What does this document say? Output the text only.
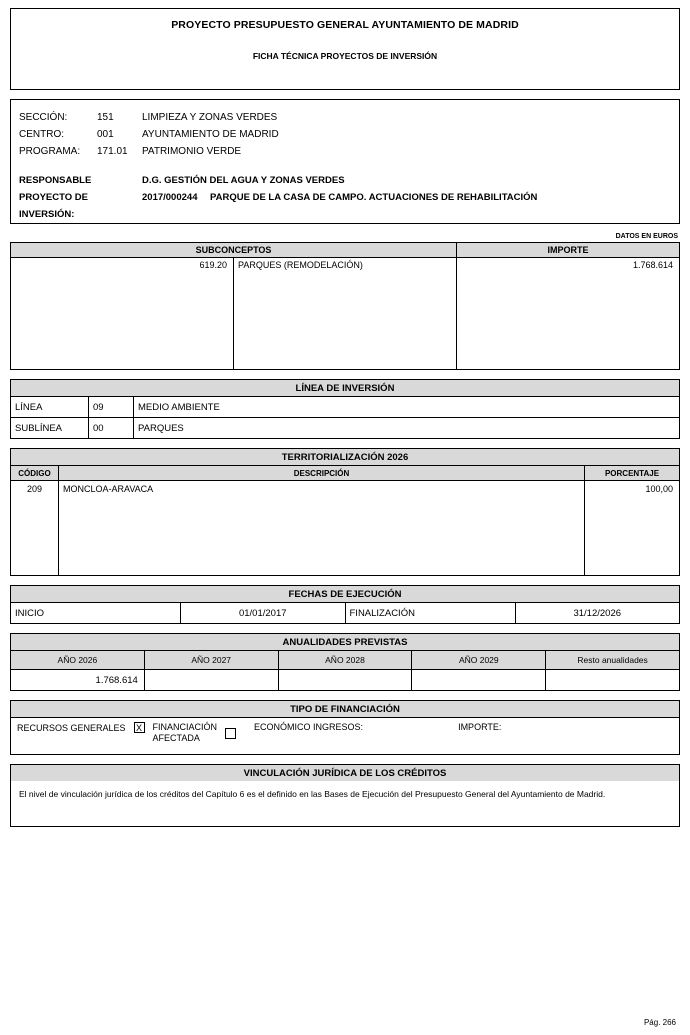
PROYECTO PRESUPUESTO GENERAL AYUNTAMIENTO DE MADRID
FICHA TÉCNICA PROYECTOS DE INVERSIÓN
SECCIÓN:	151	LIMPIEZA Y ZONAS VERDES
CENTRO:	001	AYUNTAMIENTO DE MADRID
PROGRAMA:	171.01	PATRIMONIO VERDE
RESPONSABLE	D.G. GESTIÓN DEL AGUA Y ZONAS VERDES
PROYECTO DE INVERSIÓN:
2017/000244	PARQUE DE LA CASA DE CAMPO. ACTUACIONES DE REHABILITACIÓN
DATOS EN EUROS
SUBCONCEPTOS		IMPORTE
619.20	PARQUES (REMODELACIÓN)	1.768.614
LÍNEA DE INVERSIÓN
LÍNEA	09	MEDIO AMBIENTE
SUBLÍNEA	00	PARQUES
TERRITORIALIZACIÓN 2026
CÓDIGO	DESCRIPCIÓN	PORCENTAJE
209	MONCLOA-ARAVACA	100,00
FECHAS DE EJECUCIÓN
INICIO	01/01/2017	FINALIZACIÓN	31/12/2026
ANUALIDADES PREVISTAS
AÑO 2026	AÑO 2027	AÑO 2028	AÑO 2029	Resto anualidades
1.768.614				
TIPO DE FINANCIACIÓN
RECURSOS GENERALES X FINANCIACIÓN
AFECTADA
ECONÓMICO INGRESOS:	IMPORTE:
VINCULACIÓN JURÍDICA DE LOS CRÉDITOS
El nivel de vinculación jurídica de los créditos del Capítulo 6 es el definido en las Bases de Ejecución del Presupuesto General del Ayuntamiento de Madrid.
Pág. 266
